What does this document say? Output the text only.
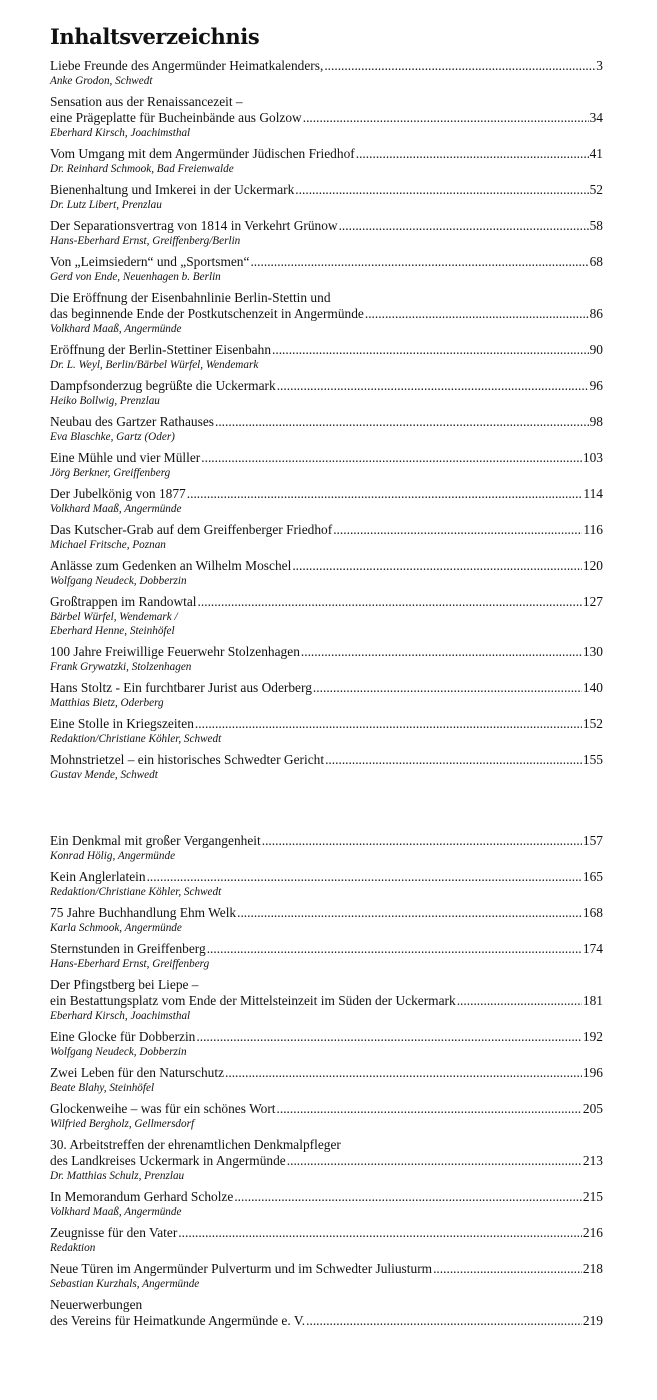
Inhaltsverzeichnis
Liebe Freunde des Angermünder Heimatkalenders, .....	3
Anke Grodon, Schwedt
Sensation aus der Renaissancezeit –
eine Prägeplatte für Bucheinbände aus Golzow .....	34
Eberhard Kirsch, Joachimsthal
Vom Umgang mit dem Angermünder Jüdischen Friedhof .....	41
Dr. Reinhard Schmook, Bad Freienwalde
Bienenhaltung und Imkerei in der Uckermark .....	52
Dr. Lutz Libert, Prenzlau
Der Separationsvertrag von 1814 in Verkehrt Grünow .....	58
Hans-Eberhard Ernst, Greiffenberg/Berlin
Von „Leimsiedern“ und „Sportsmen“ .....	68
Gerd von Ende, Neuenhagen b. Berlin
Die Eröffnung der Eisenbahnlinie Berlin-Stettin und
das beginnende Ende der Postkutschenzeit in Angermünde .....	86
Volkhard Maaß, Angermünde
Eröffnung der Berlin-Stettiner Eisenbahn .....	90
Dr. L. Weyl, Berlin/Bärbel Würfel, Wendemark
Dampfsonderzug begrüßte die Uckermark .....	96
Heiko Bollwig, Prenzlau
Neubau des Gartzer Rathauses .....	98
Eva Blaschke, Gartz (Oder)
Eine Mühle und vier Müller .....	103
Jörg Berkner, Greiffenberg
Der Jubelkönig von 1877 .....	114
Volkhard Maaß, Angermünde
Das Kutscher-Grab auf dem Greiffenberger Friedhof .....	116
Michael Fritsche, Poznan
Anlässe zum Gedenken an Wilhelm Moschel .....	120
Wolfgang Neudeck, Dobberzin
Großtrappen im Randowtal .....	127
Bärbel Würfel, Wendemark /
Eberhard Henne, Steinhöfel
100 Jahre Freiwillige Feuerwehr Stolzenhagen .....	130
Frank Grywatzki, Stolzenhagen
Hans Stoltz - Ein furchtbarer Jurist aus Oderberg .....	140
Matthias Bietz, Oderberg
Eine Stolle in Kriegszeiten .....	152
Redaktion/Christiane Köhler, Schwedt
Mohnstrietzel – ein historisches Schwedter Gericht .....	155
Gustav Mende, Schwedt
Ein Denkmal mit großer Vergangenheit .....	157
Konrad Hölig, Angermünde
Kein Anglerlatein .....	165
Redaktion/Christiane Köhler, Schwedt
75 Jahre Buchhandlung Ehm Welk .....	168
Karla Schmook, Angermünde
Sternstunden in Greiffenberg .....	174
Hans-Eberhard Ernst, Greiffenberg
Der Pfingstberg bei Liepe –
ein Bestattungsplatz vom Ende der Mittelsteinzeit im Süden der Uckermark .....	181
Eberhard Kirsch, Joachimsthal
Eine Glocke für Dobberzin .....	192
Wolfgang Neudeck, Dobberzin
Zwei Leben für den Naturschutz .....	196
Beate Blahy, Steinhöfel
Glockenweihe – was für ein schönes Wort .....	205
Wilfried Bergholz, Gellmersdorf
30. Arbeitstreffen der ehrenamtlichen Denkmalpfleger
des Landkreises Uckermark in Angermünde .....	213
Dr. Matthias Schulz, Prenzlau
In Memorandum Gerhard Scholze .....	215
Volkhard Maaß, Angermünde
Zeugnisse für den Vater .....	216
Redaktion
Neue Türen im Angermünder Pulverturm und im Schwedter Juliusturm .....	218
Sebastian Kurzhals, Angermünde
Neuerwerbungen
des Vereins für Heimatkunde Angermünde e. V. .....	219
